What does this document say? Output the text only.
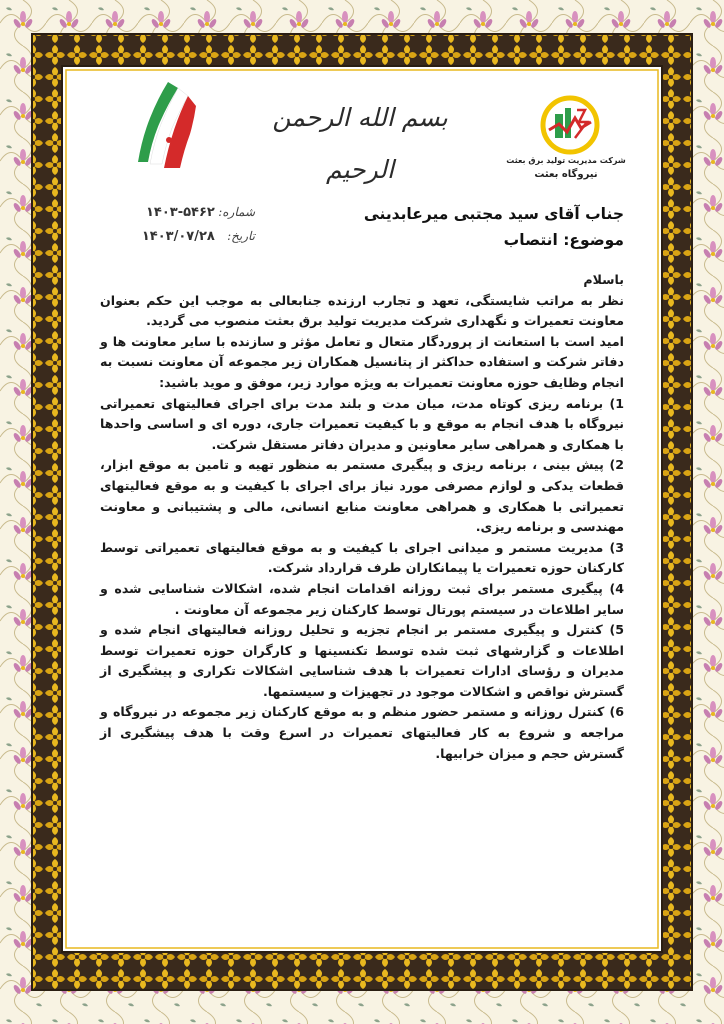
بسم الله الرحمن الرحیم	شرکت مدیریت تولید برق بعثت
نیروگاه بعثت
شماره: ۱۴۰۳-۵۴۶۲
تاریخ: ۱۴۰۳/۰۷/۲۸
جناب آقای سید مجتبی میرعابدینی
موضوع: انتصاب

باسلام

نظر به مراتب شایستگی، تعهد و تجارب ارزنده جنابعالی به موجب این حکم بعنوان معاونت تعمیرات و نگهداری شرکت مدیریت تولید برق بعثت منصوب می گردید.

امید است با استعانت از پروردگار متعال و تعامل مؤثر و سازنده با سایر معاونت ها و دفاتر شرکت و استفاده حداکثر از پتانسیل همکاران زیر مجموعه آن معاونت نسبت به انجام وظایف حوزه معاونت تعمیرات به ویژه موارد زیر، موفق و موید باشید:

1) برنامه ریزی کوتاه مدت، میان مدت و بلند مدت برای اجرای فعالیتهای تعمیراتی نیروگاه با هدف انجام به موقع و با کیفیت تعمیرات جاری، دوره ای و اساسی واحدها با همکاری و همراهی سایر معاونین و مدیران دفاتر مستقل شرکت.

2) پیش بینی ، برنامه ریزی و پیگیری مستمر به منظور تهیه و تامین به موقع ابزار، قطعات یدکی و لوازم مصرفی مورد نیاز برای اجرای با کیفیت و به موقع فعالیتهای تعمیراتی با همکاری و همراهی معاونت منابع انسانی، مالی و پشتیبانی و معاونت مهندسی و برنامه ریزی.

3) مدیریت مستمر و میدانی اجرای با کیفیت و به موقع فعالیتهای تعمیراتی توسط کارکنان حوزه تعمیرات یا پیمانکاران طرف قرارداد شرکت.

4) پیگیری مستمر برای ثبت روزانه اقدامات انجام شده، اشکالات شناسایی شده و سایر اطلاعات در سیستم پورتال توسط کارکنان زیر مجموعه آن معاونت .

5) کنترل و پیگیری مستمر بر انجام تجزیه و تحلیل روزانه فعالیتهای انجام شده و اطلاعات و گزارشهای ثبت شده توسط تکنسینها و کارگران حوزه تعمیرات توسط مدیران و رؤسای ادارات تعمیرات با هدف شناسایی اشکالات تکراری و پیشگیری از گسترش نواقص و اشکالات موجود در تجهیزات و سیستمها.

6) کنترل روزانه و مستمر حضور منظم و به موقع کارکنان زیر مجموعه در نیروگاه و مراجعه و شروع به کار فعالیتهای تعمیرات در اسرع وقت با هدف پیشگیری از گسترش حجم و میزان خرابیها.
